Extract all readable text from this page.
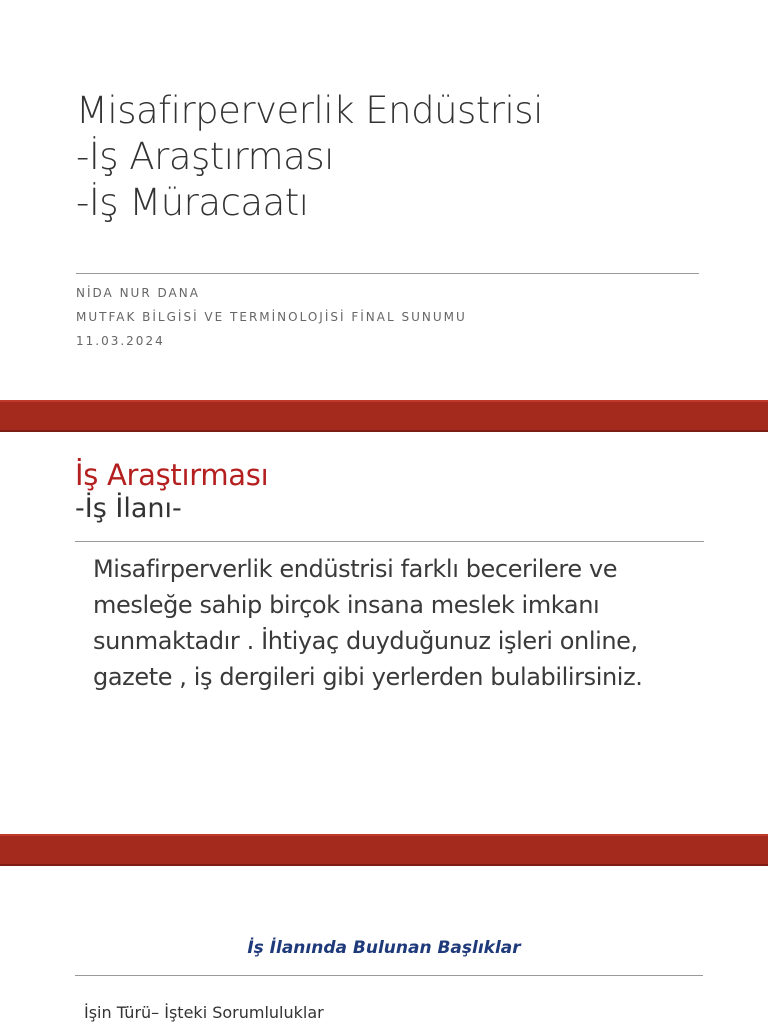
Misafirperverlik Endüstrisi
-İş Araştırması
-İş Müracaatı
NİDA NUR DANA
MUTFAK BİLGİSİ VE TERMİNOLOJİSİ FİNAL SUNUMU
11.03.2024
İş Araştırması
-İş İlanı-
Misafirperverlik endüstrisi farklı becerilere ve
mesleğe sahip birçok insana meslek imkanı
sunmaktadır . İhtiyaç duyduğunuz işleri online,
gazete , iş dergileri gibi yerlerden bulabilirsiniz.
İş İlanında Bulunan Başlıklar
İşin Türü– İşteki Sorumluluklar
